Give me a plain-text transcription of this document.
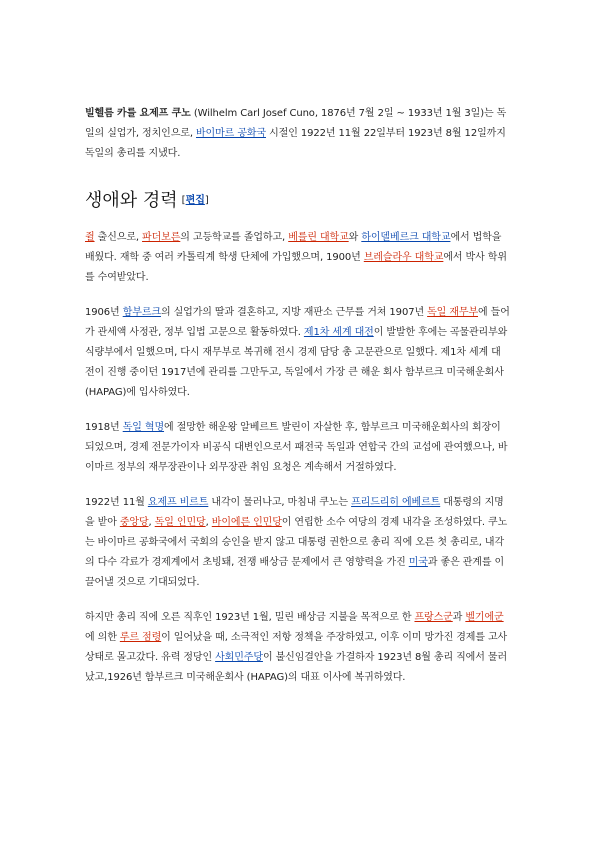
빌헬름 카를 요제프 쿠노 (Wilhelm Carl Josef Cuno, 1876년 7월 2일 ~ 1933년 1월 3일)는 독일의 실업가, 정치인으로, 바이마르 공화국 시절인 1922년 11월 22일부터 1923년 8월 12일까지 독일의 총리를 지냈다.

생애와 경력 [편집]

쥘 출신으로, 파더보른의 고등학교를 졸업하고, 베를린 대학교와 하이델베르크 대학교에서 법학을 배웠다. 재학 중 여러 카톨릭계 학생 단체에 가입했으며, 1900년 브레슬라우 대학교에서 박사 학위를 수여받았다.

1906년 함부르크의 실업가의 딸과 결혼하고, 지방 재판소 근무를 거쳐 1907년 독일 재무부에 들어가 관세액 사정관, 정부 입법 고문으로 활동하였다. 제1차 세계 대전이 발발한 후에는 곡물관리부와 식량부에서 일했으며, 다시 재무부로 복귀해 전시 경제 담당 총 고문관으로 일했다. 제1차 세계 대전이 진행 중이던 1917년에 관리를 그만두고, 독일에서 가장 큰 해운 회사 함부르크 미국해운회사 (HAPAG)에 입사하였다.

1918년 독일 혁명에 절망한 해운왕 알베르트 발린이 자살한 후, 함부르크 미국해운회사의 회장이 되었으며, 경제 전문가이자 비공식 대변인으로서 패전국 독일과 연합국 간의 교섭에 관여했으나, 바이마르 정부의 재무장관이나 외무장관 취임 요청은 계속해서 거절하였다.

1922년 11월 요제프 비르트 내각이 물러나고, 마침내 쿠노는 프리드리히 에베르트 대통령의 지명을 받아 중앙당, 독일 인민당, 바이에른 인민당이 연립한 소수 여당의 경제 내각을 조성하였다. 쿠노는 바이마르 공화국에서 국회의 승인을 받지 않고 대통령 권한으로 총리 직에 오른 첫 총리로, 내각의 다수 각료가 경제계에서 초빙돼, 전쟁 배상금 문제에서 큰 영향력을 가진 미국과 좋은 관계를 이끌어낼 것으로 기대되었다.

하지만 총리 직에 오른 직후인 1923년 1월, 밀린 배상금 지불을 목적으로 한 프랑스군과 벨기에군에 의한 루르 점령이 일어났을 때, 소극적인 저항 정책을 주장하였고, 이후 이미 망가진 경제를 고사 상태로 몰고갔다. 유력 정당인 사회민주당이 불신임결안을 가결하자 1923년 8월 총리 직에서 물러났고,1926년 함부르크 미국해운회사 (HAPAG)의 대표 이사에 복귀하였다.
